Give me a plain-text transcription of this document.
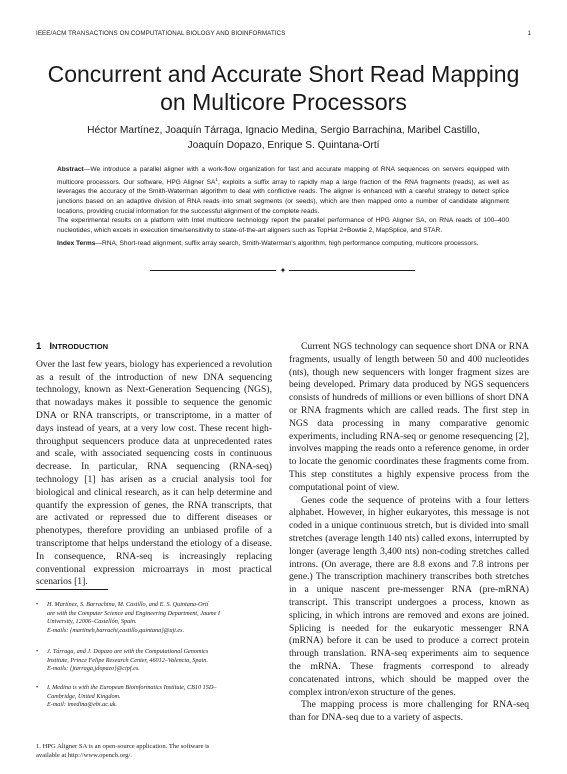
IEEE/ACM TRANSACTIONS ON COMPUTATIONAL BIOLOGY AND BIOINFORMATICS	1
Concurrent and Accurate Short Read Mapping
on Multicore Processors
Héctor Martínez, Joaquín Tárraga, Ignacio Medina, Sergio Barrachina, Maribel Castillo,
Joaquín Dopazo, Enrique S. Quintana-Ortí

Abstract—We introduce a parallel aligner with a work-flow organization for fast and accurate mapping of RNA sequences on servers equipped with multicore processors. Our software, HPG Aligner $SA^1$, exploits a suffix array to rapidly map a large fraction of the RNA fragments (reads), as well as leverages the accuracy of the Smith-Waterman algorithm to deal with conflictive reads. The aligner is enhanced with a careful strategy to detect splice junctions based on an adaptive division of RNA reads into small segments (or seeds), which are then mapped onto a number of candidate alignment locations, providing crucial information for the successful alignment of the complete reads.

The experimental results on a platform with Intel multicore technology report the parallel performance of HPG Aligner SA, on RNA reads of 100–400 nucleotides, which excels in execution time/sensitivity to state-of-the-art aligners such as TopHat 2+Bowtie 2, MapSplice, and STAR.

Index Terms—RNA, Short-read alignment, suffix array search, Smith-Waterman's algorithm, high performance computing, multicore processors.
✦
1 INTRODUCTION

Over the last few years, biology has experienced a revolution as a result of the introduction of new DNA sequencing technology, known as Next-Generation Sequencing (NGS), that nowadays makes it possible to sequence the genomic DNA or RNA transcripts, or transcriptome, in a matter of days instead of years, at a very low cost. These recent high-throughput sequencers produce data at unprecedented rates and scale, with associated sequencing costs in continuous decrease. In particular, RNA sequencing (RNA-seq) technology [1] has arisen as a crucial analysis tool for biological and clinical research, as it can help determine and quantify the expression of genes, the RNA transcripts, that are activated or repressed due to different diseases or phenotypes, therefore providing an unbiased profile of a transcriptome that helps understand the etiology of a disease. In consequence, RNA-seq is increasingly replacing conventional expression microarrays in most practical scenarios [1].

Current NGS technology can sequence short DNA or RNA fragments, usually of length between 50 and 400 nucleotides (nts), though new sequencers with longer fragment sizes are being developed. Primary data produced by NGS sequencers consists of hundreds of millions or even billions of short DNA or RNA fragments which are called reads. The first step in NGS data processing in many comparative genomic experiments, including RNA-seq or genome resequencing [2], involves mapping the reads onto a reference genome, in order to locate the genomic coordinates these fragments come from. This step constitutes a highly expensive process from the computational point of view.

Genes code the sequence of proteins with a four letters alphabet. However, in higher eukaryotes, this message is not coded in a unique continuous stretch, but is divided into small stretches (average length 140 nts) called exons, interrupted by longer (average length 3,400 nts) non-coding stretches called introns. (On average, there are 8.8 exons and 7.8 introns per gene.) The transcription machinery transcribes both stretches in a unique nascent pre-messenger RNA (pre-mRNA) transcript. This transcript undergoes a process, known as splicing, in which introns are removed and exons are joined. Splicing is needed for the eukaryotic messenger RNA (mRNA) before it can be used to produce a correct protein through translation. RNA-seq experiments aim to sequence the mRNA. These fragments correspond to already concatenated introns, which should be mapped over the complex intron/exon structure of the genes.

The mapping process is more challenging for RNA-seq than for DNA-seq due to a variety of aspects.

• H. Martínez, S. Barrachina, M. Castillo, and E. S. Quintana-Ortí
are with the Computer Science and Engineering Department, Jaume I
University, 12006–Castellón, Spain.
E-mails: {martineh,barrachi,castillo,quintana}@uji.es.
• J. Tárraga, and J. Dopazo are with the Computational Genomics
Institute, Prince Felipe Research Center, 46012–Valencia, Spain.
E-mails: {jtarraga,jdopazo}@cipf.es.
• I. Medina is with the European Bioinformatics Institute, CB10 1SD–
Cambridge, United Kingdom.
E-mail: imedina@ebi.ac.uk.
1. HPG Aligner SA is an open-source application. The software is
available at http://www.opencb.org/.
